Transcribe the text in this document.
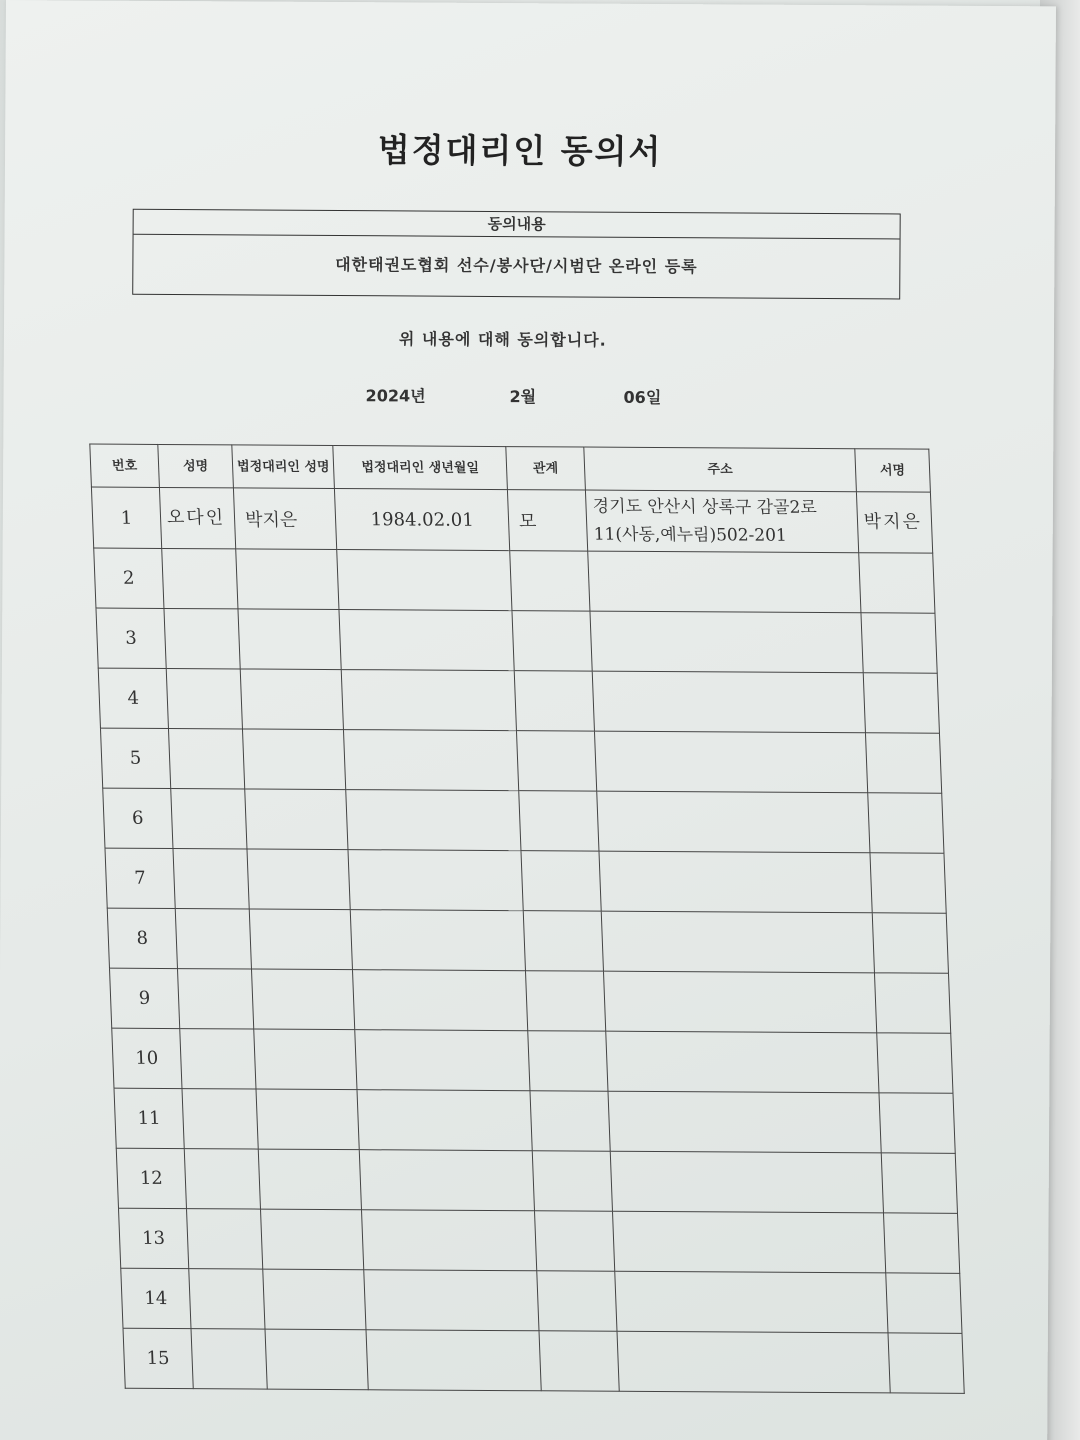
법정대리인 동의서
동의내용
대한태권도협회 선수/봉사단/시범단 온라인 등록
위 내용에 대해 동의합니다.
2024년	2월	06일
번호	성명	법정대리인 성명	법정대리인 생년월일	관계	주소	서명
1	오다인	박지은	1984.02.01	모	경기도 안산시 상록구 감골2로11(사동,예누림)502-201	박지은
2						
3						
4						
5						
6						
7						
8						
9						
10						
11						
12						
13						
14						
15						
